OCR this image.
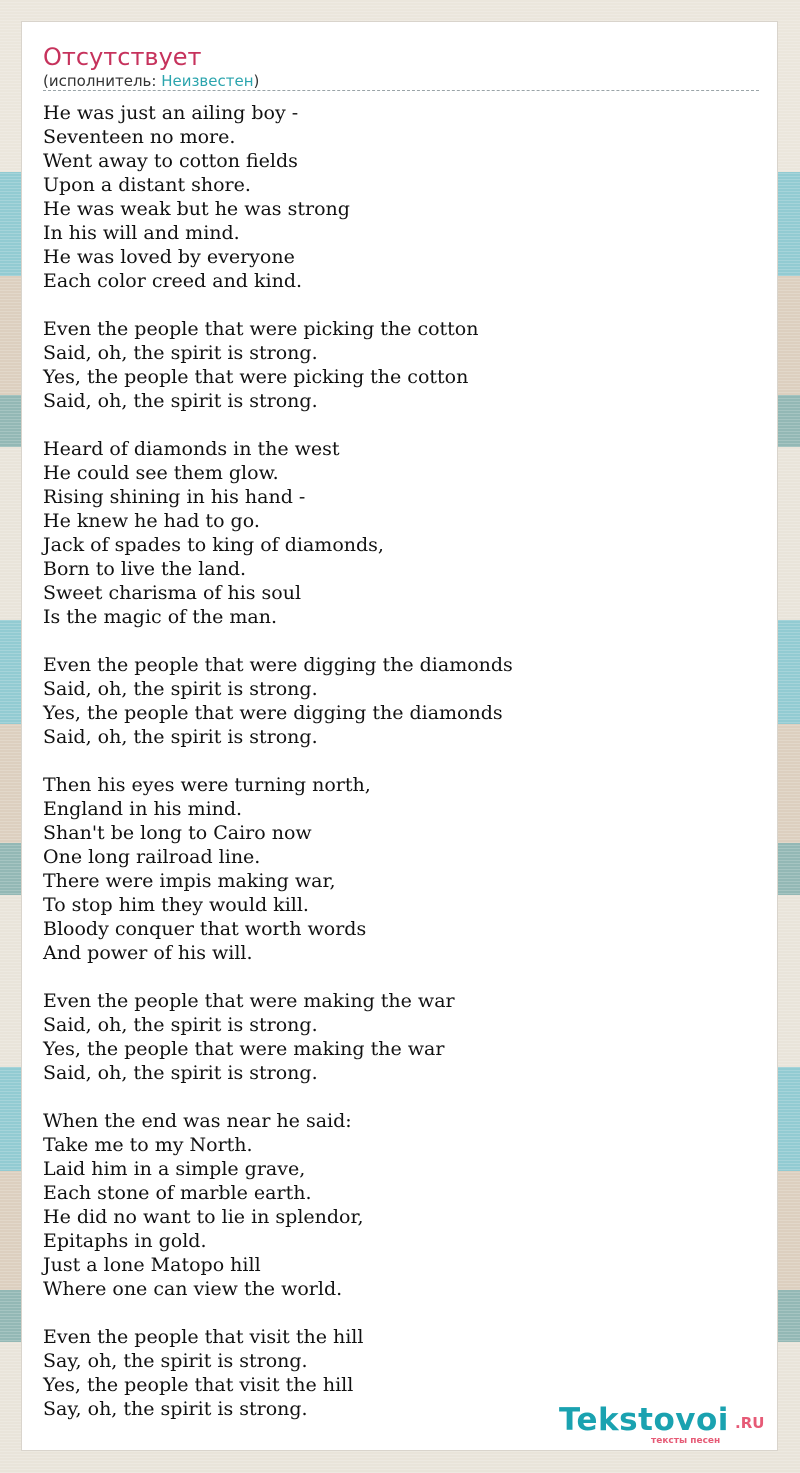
Отсутствует
(исполнитель: Неизвестен)
He was just an ailing boy -
Seventeen no more.
Went away to cotton fields
Upon a distant shore.
He was weak but he was strong
In his will and mind.
He was loved by everyone
Each color creed and kind.
Even the people that were picking the cotton
Said, oh, the spirit is strong.
Yes, the people that were picking the cotton
Said, oh, the spirit is strong.
Heard of diamonds in the west
He could see them glow.
Rising shining in his hand -
He knew he had to go.
Jack of spades to king of diamonds,
Born to live the land.
Sweet charisma of his soul
Is the magic of the man.
Even the people that were digging the diamonds
Said, oh, the spirit is strong.
Yes, the people that were digging the diamonds
Said, oh, the spirit is strong.
Then his eyes were turning north,
England in his mind.
Shan't be long to Cairo now
One long railroad line.
There were impis making war,
To stop him they would kill.
Bloody conquer that worth words
And power of his will.
Even the people that were making the war
Said, oh, the spirit is strong.
Yes, the people that were making the war
Said, oh, the spirit is strong.
When the end was near he said:
Take me to my North.
Laid him in a simple grave,
Each stone of marble earth.
He did no want to lie in splendor,
Epitaphs in gold.
Just a lone Matopo hill
Where one can view the world.
Even the people that visit the hill
Say, oh, the spirit is strong.
Yes, the people that visit the hill
Say, oh, the spirit is strong.	Tekstovoi .RU
тексты песен
